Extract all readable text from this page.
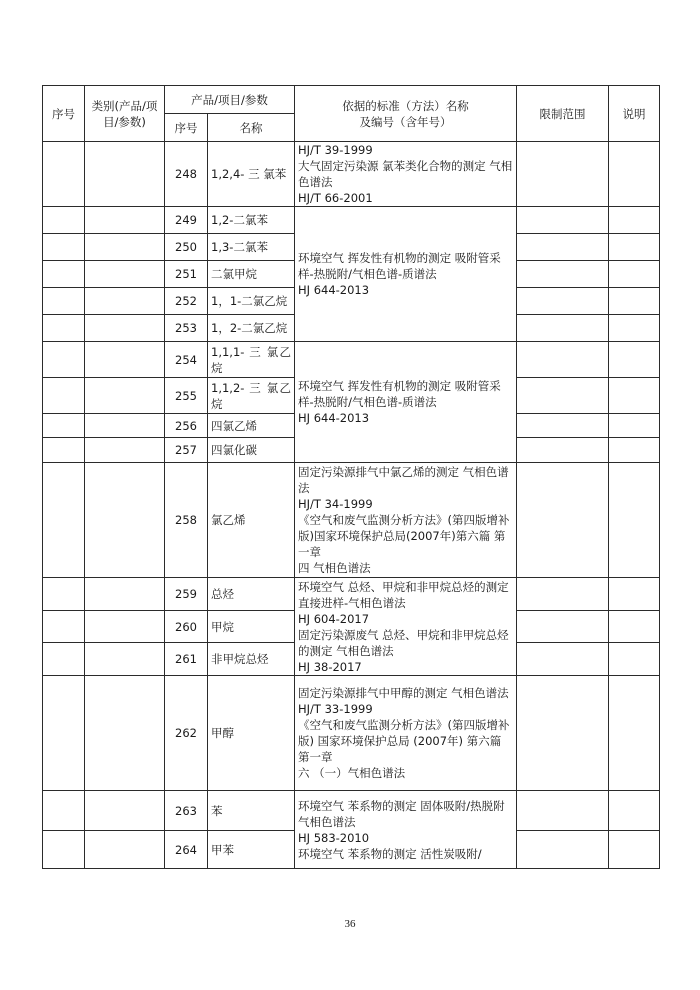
序号	类别(产品/项目/参数)	产品/项目/参数		依据的标准（方法）名称
及编号（含年号）	限制范围	说明
		序号	名称			
		248	1,2,4- 三 氯苯	HJ/T 39-1999
大气固定污染源 氯苯类化合物的测定 气相色谱法
HJ/T 66-2001		
		249	1,2-二氯苯	环境空气 挥发性有机物的测定 吸附管采样-热脱附/气相色谱-质谱法
HJ 644-2013		
		250	1,3-二氯苯			
		251	二氯甲烷			
		252	1，1-二氯乙烷			
		253	1，2-二氯乙烷			
		254	1,1,1- 三 氯乙烷	环境空气 挥发性有机物的测定 吸附管采样-热脱附/气相色谱-质谱法
HJ 644-2013		
		255	1,1,2- 三 氯乙烷			
		256	四氯乙烯			
		257	四氯化碳			
		258	氯乙烯	固定污染源排气中氯乙烯的测定 气相色谱法
HJ/T 34-1999
《空气和废气监测分析方法》(第四版增补版)国家环境保护总局(2007年)第六篇 第一章
四 气相色谱法		
		259	总烃	环境空气 总烃、甲烷和非甲烷总烃的测定 直接进样-气相色谱法
HJ 604-2017
固定污染源废气 总烃、甲烷和非甲烷总烃的测定 气相色谱法
HJ 38-2017		
		260	甲烷			
		261	非甲烷总烃			
		262	甲醇	固定污染源排气中甲醇的测定 气相色谱法
HJ/T 33-1999
《空气和废气监测分析方法》(第四版增补版) 国家环境保护总局 (2007年) 第六篇 第一章
六 （一）气相色谱法		
		263	苯	环境空气 苯系物的测定 固体吸附/热脱附 气相色谱法
HJ 583-2010
环境空气 苯系物的测定 活性炭吸附/		
		264	甲苯			
36
